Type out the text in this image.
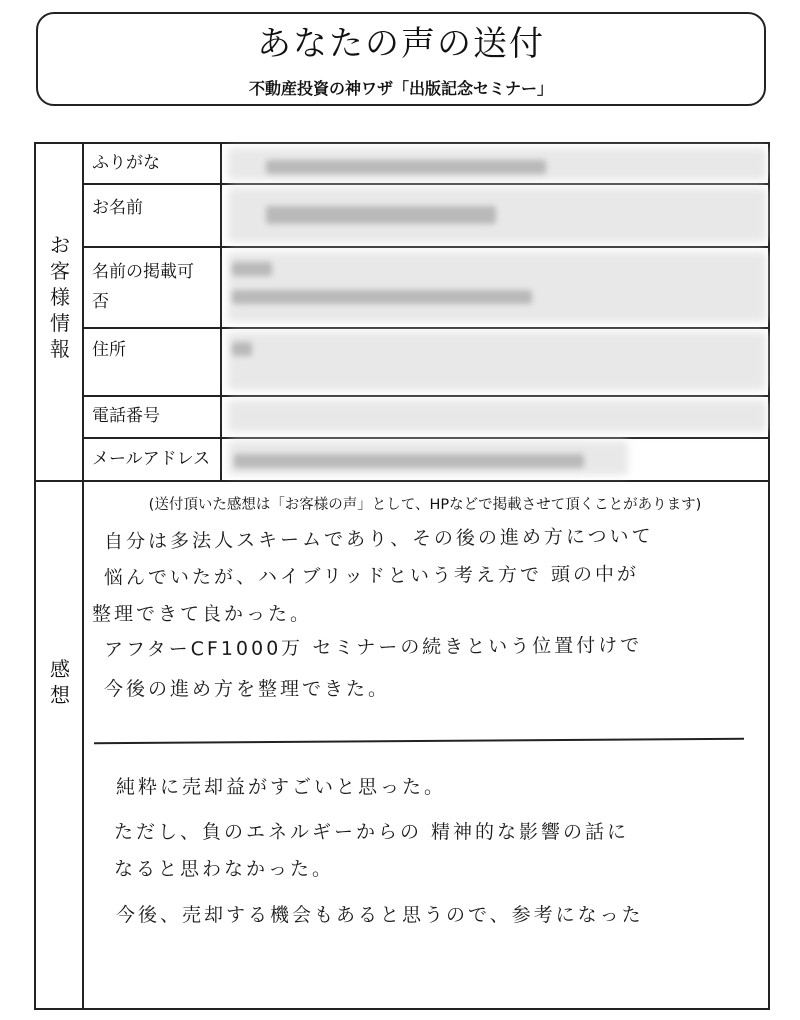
あなたの声の送付
不動産投資の神ワザ「出版記念セミナー」
お客様情報
感想
ふりがな
お名前
名前の掲載可否
住所
電話番号
メールアドレス
(送付頂いた感想は「お客様の声」として、HPなどで掲載させて頂くことがあります)
自分は多法人スキームであり、その後の進め方について
悩んでいたが、ハイブリッドという考え方で 頭の中が
整理できて良かった。
アフターCF1000万 セミナーの続きという位置付けで
今後の進め方を整理できた。
純粋に売却益がすごいと思った。
ただし、負のエネルギーからの 精神的な影響の話に
なると思わなかった。
今後、売却する機会もあると思うので、参考になった
